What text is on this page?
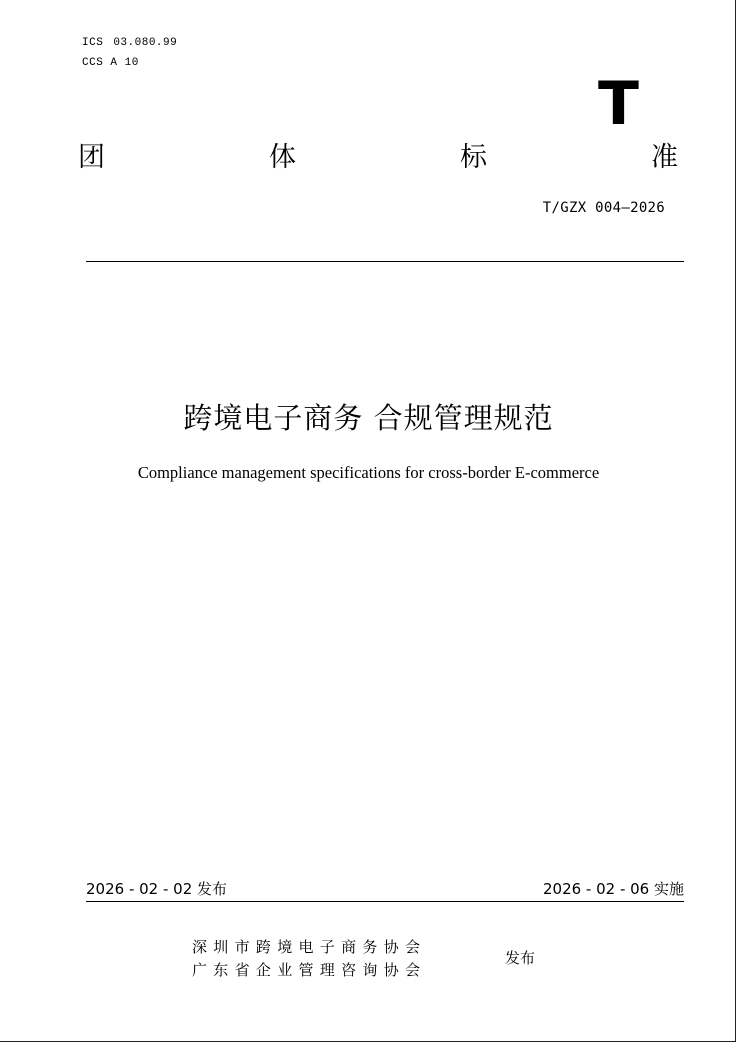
ICS 03.080.99
CCS A 10
T
团	体	标	准
T/GZX 004—2026
跨境电子商务 合规管理规范
Compliance management specifications for cross-border E-commerce
2026 - 02 - 02 发布	2026 - 02 - 06 实施
深圳市跨境电子商务协会
广东省企业管理咨询协会
发布
